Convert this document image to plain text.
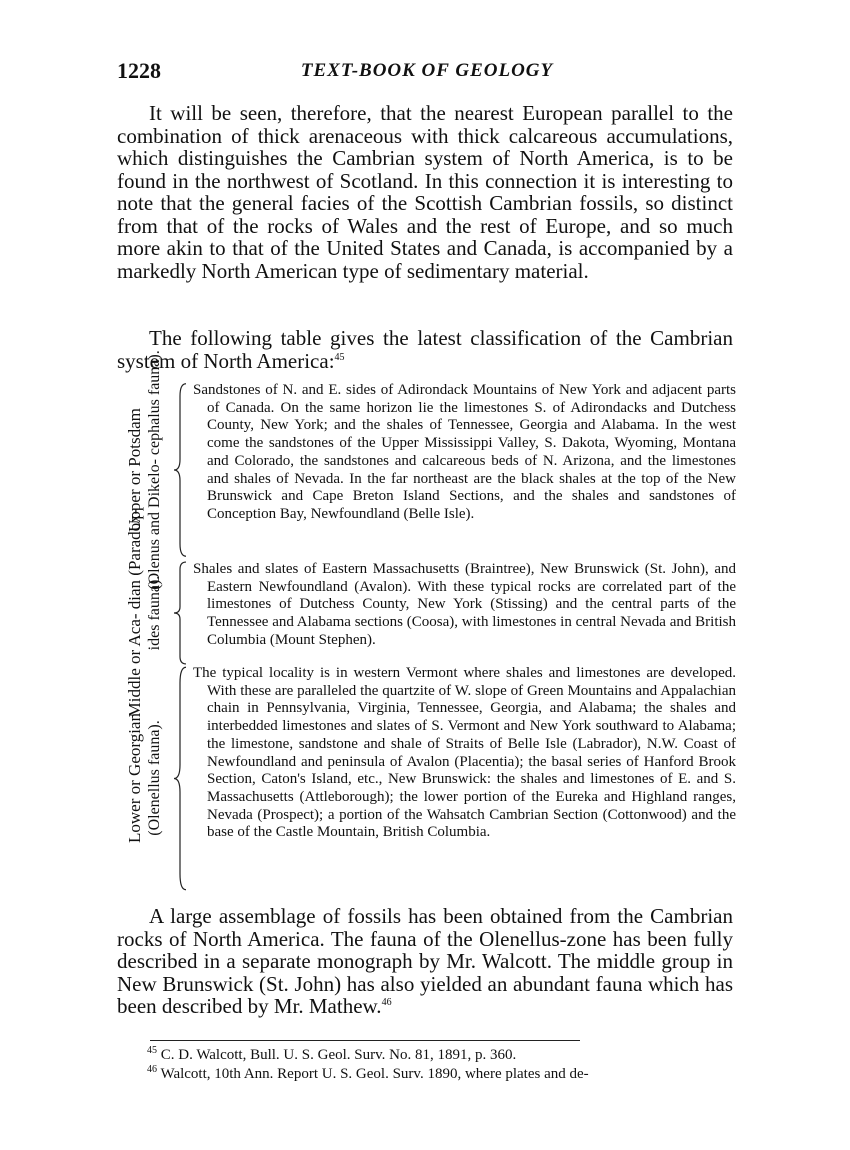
1228	TEXT-BOOK OF GEOLOGY
It will be seen, therefore, that the nearest European parallel to the combination of thick arenaceous with thick calcareous accumulations, which distinguishes the Cambrian system of North America, is to be found in the northwest of Scotland. In this connection it is interesting to note that the general facies of the Scottish Cambrian fossils, so distinct from that of the rocks of Wales and the rest of Europe, and so much more akin to that of the United States and Canada, is accompanied by a markedly North American type of sedimentary material.
The following table gives the latest classification of the Cambrian system of North America:$^{45}$
Upper or Potsdam (Olenus and Dikelo- cephalus fauna). Sandstones of N. and E. sides of Adirondack Mountains of New York and adjacent parts of Canada. On the same horizon lie the limestones S. of Adirondacks and Dutchess County, New York; and the shales of Tennessee, Georgia and Alabama. In the west come the sandstones of the Upper Mississippi Valley, S. Dakota, Wyoming, Montana and Colorado, the sandstones and calcareous beds of N. Arizona, and the limestones and shales of Nevada. In the far northeast are the black shales at the top of the New Brunswick and Cape Breton Island Sections, and the shales and sandstones of Conception Bay, Newfoundland (Belle Isle).
Middle or Aca- dian (Paradox- ides fauna).
Shales and slates of Eastern Massachusetts (Braintree), New Brunswick (St. John), and Eastern Newfoundland (Avalon). With these typical rocks are correlated part of the limestones of Dutchess County, New York (Stissing) and the central parts of the Tennessee and Alabama sections (Coosa), with limestones in central Nevada and British Columbia (Mount Stephen).
Lower or Georgian (Olenellus fauna).
The typical locality is in western Vermont where shales and limestones are developed. With these are paralleled the quartzite of W. slope of Green Mountains and Appalachian chain in Pennsylvania, Virginia, Tennessee, Georgia, and Alabama; the shales and interbedded limestones and slates of S. Vermont and New York southward to Alabama; the limestone, sandstone and shale of Straits of Belle Isle (Labrador), N.W. Coast of Newfoundland and peninsula of Avalon (Placentia); the basal series of Hanford Brook Section, Caton's Island, etc., New Brunswick: the shales and limestones of E. and S. Massachusetts (Attleborough); the lower portion of the Eureka and Highland ranges, Nevada (Prospect); a portion of the Wahsatch Cambrian Section (Cottonwood) and the base of the Castle Mountain, British Columbia.
A large assemblage of fossils has been obtained from the Cambrian rocks of North America. The fauna of the Olenellus-zone has been fully described in a separate monograph by Mr. Walcott. The middle group in New Brunswick (St. John) has also yielded an abundant fauna which has been described by Mr. Mathew.$^{46}$
$^{45}$ C. D. Walcott, Bull. U. S. Geol. Surv. No. 81, 1891, p. 360.
$^{46}$ Walcott, 10th Ann. Report U. S. Geol. Surv. 1890, where plates and de-
